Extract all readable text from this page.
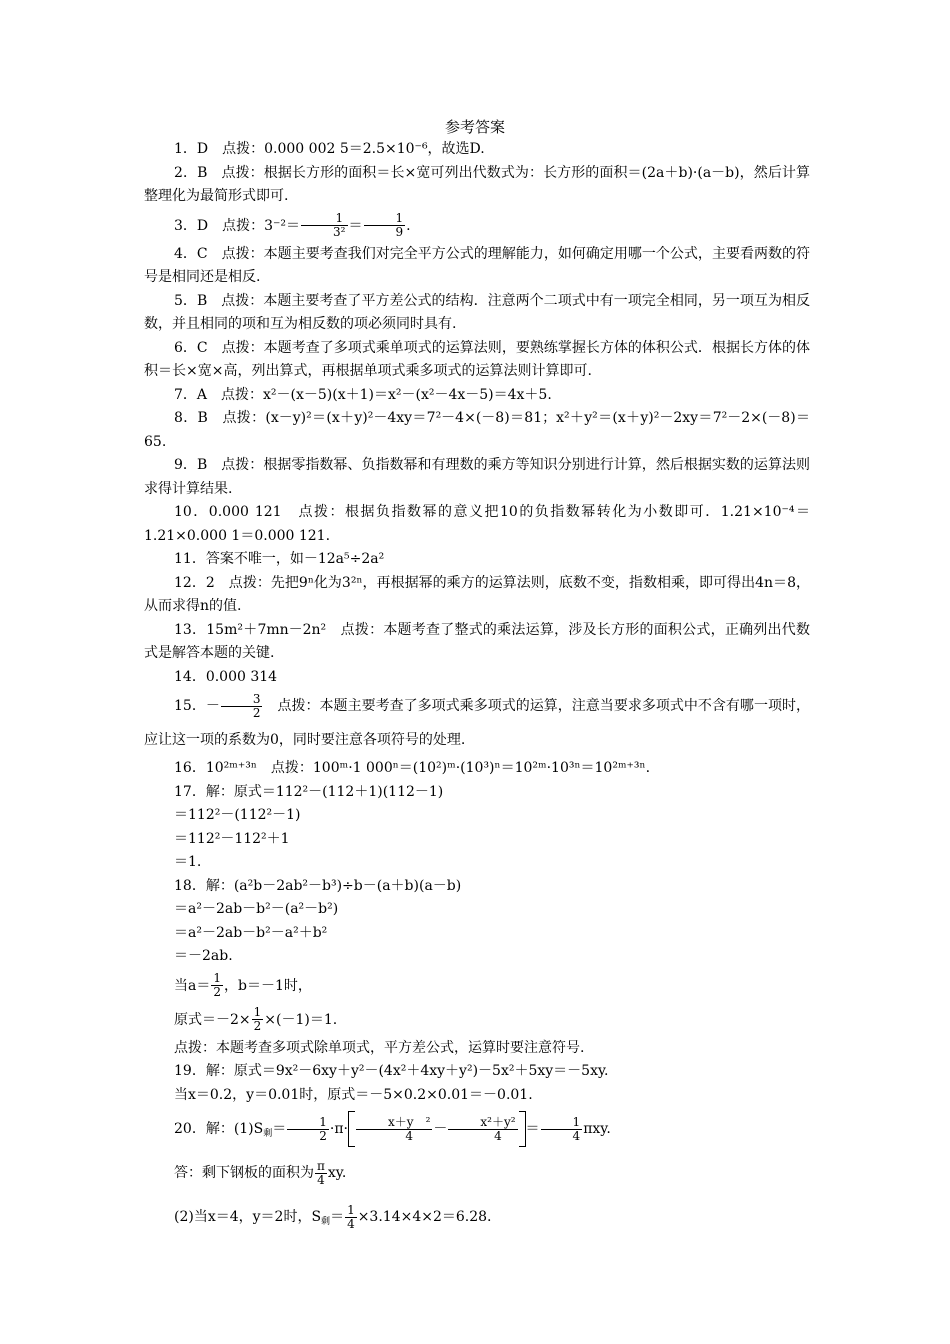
参考答案

1．D　点拨：0.000 002 5＝2.5×10⁻⁶，故选D.

2．B　点拨：根据长方形的面积＝长×宽可列出代数式为：长方形的面积＝(2a＋b)·(a－b)，然后计算整理化为最简形式即可.

3．D　点拨：$3^{-2}= \frac{1}{\text{3²}} = \frac{1}{9}$ .

4．C　点拨：本题主要考查我们对完全平方公式的理解能力，如何确定用哪一个公式，主要看两数的符号是相同还是相反.

5．B　点拨：本题主要考查了平方差公式的结构．注意两个二项式中有一项完全相同，另一项互为相反数，并且相同的项和互为相反数的项必须同时具有.

6．C　点拨：本题考查了多项式乘单项式的运算法则，要熟练掌握长方体的体积公式．根据长方体的体积＝长×宽×高，列出算式，再根据单项式乘多项式的运算法则计算即可.

7．A　点拨：x²－(x－5)(x＋1)＝x²－(x²－4x－5)＝4x＋5.

8．B　点拨：(x－y)²＝(x＋y)²－4xy＝7²－4×(－8)＝81；x²＋y²＝(x＋y)²－2xy＝7²－2×(－8)＝65.

9．B　点拨：根据零指数幂、负指数幂和有理数的乘方等知识分别进行计算，然后根据实数的运算法则求得计算结果.

10．0.000 121　点拨：根据负指数幂的意义把10的负指数幂转化为小数即可．1.21×10⁻⁴＝1.21×0.000 1＝0.000 121.

11．答案不唯一，如－12a⁵÷2a²

12．2　点拨：先把9ⁿ化为3²ⁿ，再根据幂的乘方的运算法则，底数不变，指数相乘，即可得出4n＝8，从而求得n的值.

13．15m²＋7mn－2n²　点拨：本题考查了整式的乘法运算，涉及长方形的面积公式，正确列出代数式是解答本题的关键.

14．0.000 314

15．－ $\frac{3}{2}$ 　点拨：本题主要考查了多项式乘多项式的运算，注意当要求多项式中不含有哪一项时，应让这一项的系数为0，同时要注意各项符号的处理.

16．10²ᵐ⁺³ⁿ　点拨：100ᵐ·1 000ⁿ＝(10²)ᵐ·(10³)ⁿ＝10²ᵐ·10³ⁿ＝10²ᵐ⁺³ⁿ.

17．解：原式＝112²－(112＋1)(112－1)

＝112²－(112²－1)

＝112²－112²＋1

＝1.

18．解：(a²b－2ab²－b³)÷b－(a＋b)(a－b)

＝a²－2ab－b²－(a²－b²)

＝a²－2ab－b²－a²＋b²

＝－2ab.

当$a= \frac{1}{2}$ ，b＝－1时，

原式$=-2\times \frac{1}{2} \times(-1)=1$.

点拨：本题考查多项式除单项式，平方差公式，运算时要注意符号.

19．解：原式＝9x²－6xy＋y²－(4x²＋4xy＋y²)－5x²＋5xy＝－5xy.

当x＝0.2，y＝0.01时，原式＝－5×0.2×0.01＝－0.01.

20．解：$(1)S_剩= \frac{1}{2} \cdot\pi\cdot \frac{\text{x＋y　²}}{4} - \frac{\text{x²＋y²}}{4} = \frac{1}{4} \pi xy$.

答：剩下钢板的面积为 $\frac{\pi}{4}$ xy.

(2)当x＝4，y＝2时，$S_剩= \frac{1}{4} \times 3.14\times 4\times 2=6.28$.
